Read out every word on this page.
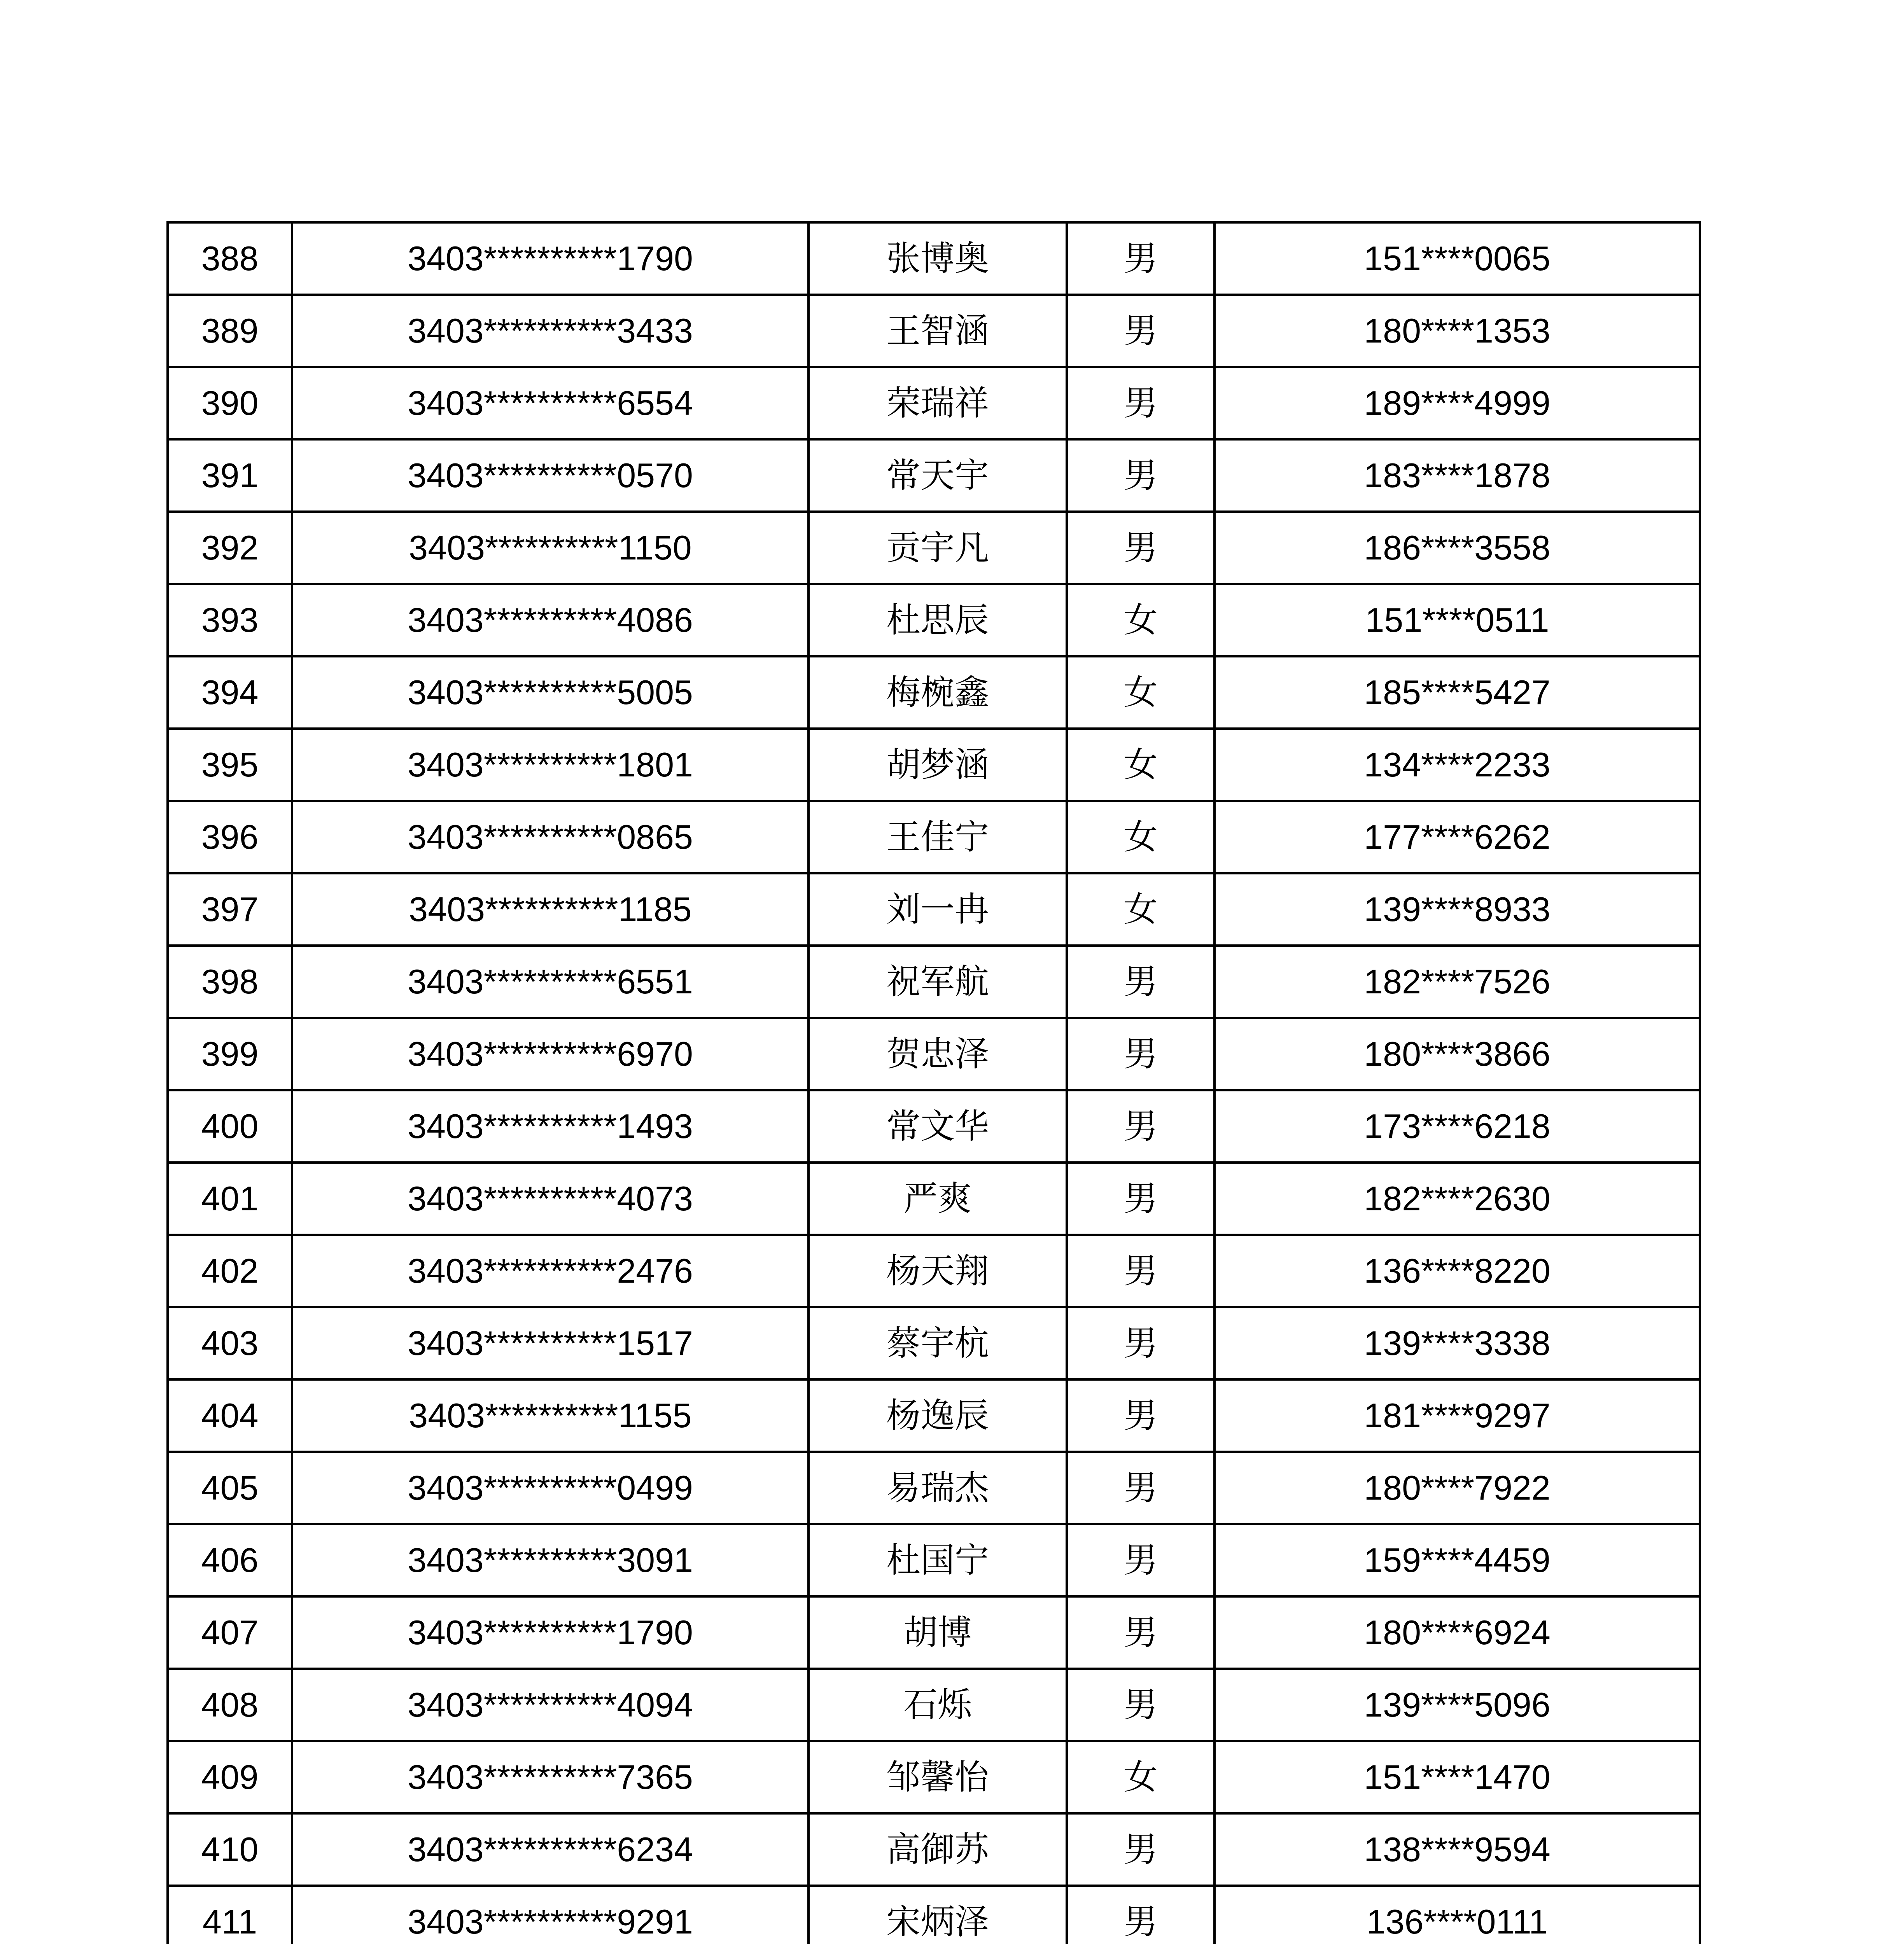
388	3403**********1790	张博奥	男	151****0065
389	3403**********3433	王智涵	男	180****1353
390	3403**********6554	荣瑞祥	男	189****4999
391	3403**********0570	常天宇	男	183****1878
392	3403**********1150	贡宇凡	男	186****3558
393	3403**********4086	杜思辰	女	151****0511
394	3403**********5005	梅椀鑫	女	185****5427
395	3403**********1801	胡梦涵	女	134****2233
396	3403**********0865	王佳宁	女	177****6262
397	3403**********1185	刘一冉	女	139****8933
398	3403**********6551	祝军航	男	182****7526
399	3403**********6970	贺忠泽	男	180****3866
400	3403**********1493	常文华	男	173****6218
401	3403**********4073	严爽	男	182****2630
402	3403**********2476	杨天翔	男	136****8220
403	3403**********1517	蔡宇杭	男	139****3338
404	3403**********1155	杨逸辰	男	181****9297
405	3403**********0499	易瑞杰	男	180****7922
406	3403**********3091	杜国宁	男	159****4459
407	3403**********1790	胡博	男	180****6924
408	3403**********4094	石烁	男	139****5096
409	3403**********7365	邹馨怡	女	151****1470
410	3403**********6234	高御苏	男	138****9594
411	3403**********9291	宋炳泽	男	136****0111
